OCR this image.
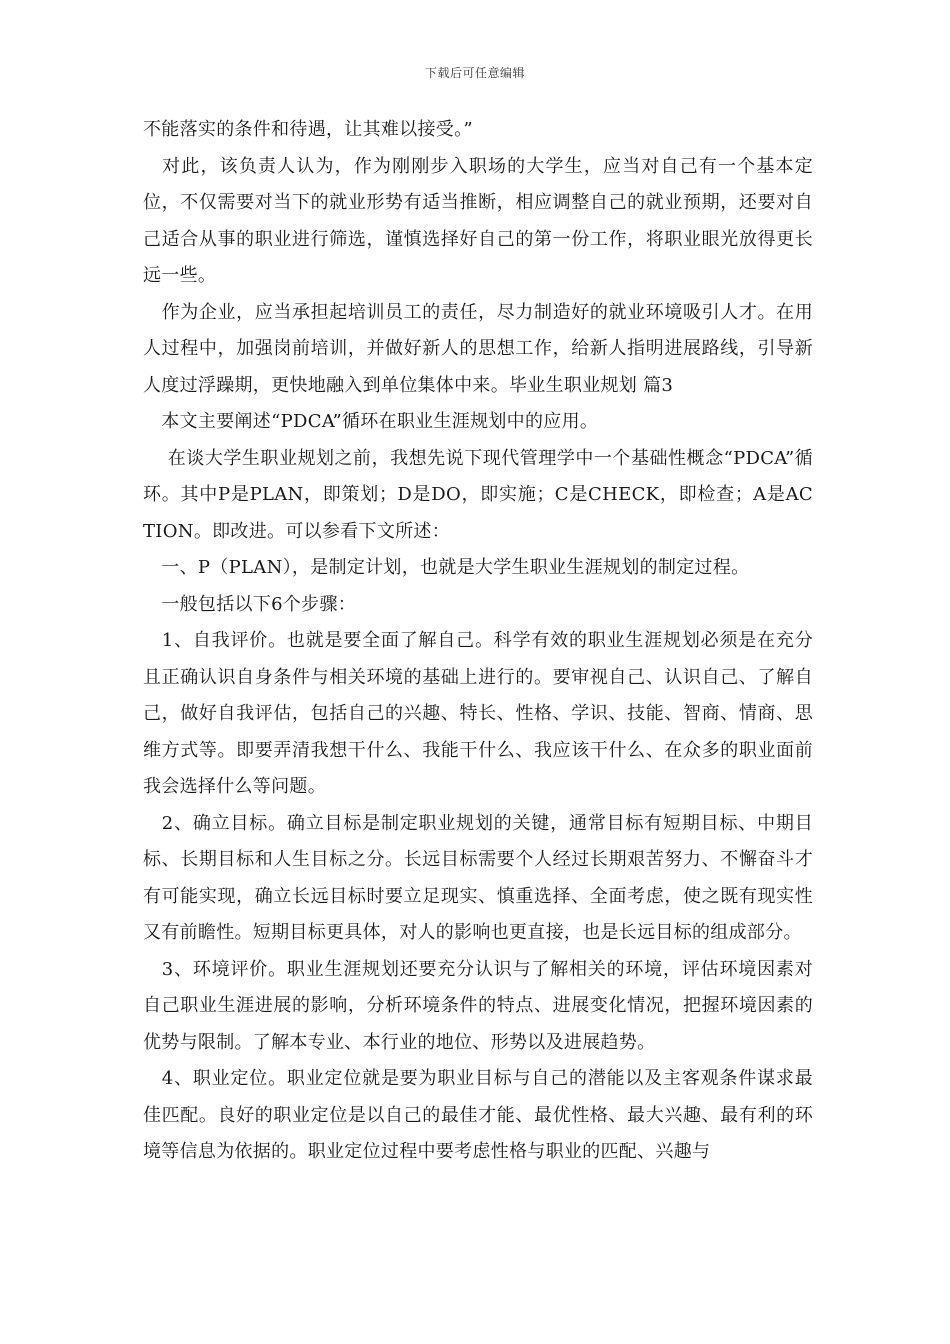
下载后可任意编辑

不能落实的条件和待遇，让其难以接受。”

　对此，该负责人认为，作为刚刚步入职场的大学生，应当对自己有一个基本定位，不仅需要对当下的就业形势有适当推断，相应调整自己的就业预期，还要对自己适合从事的职业进行筛选，谨慎选择好自己的第一份工作，将职业眼光放得更长远一些。

　作为企业，应当承担起培训员工的责任，尽力制造好的就业环境吸引人才。在用人过程中，加强岗前培训，并做好新人的思想工作，给新人指明进展路线，引导新人度过浮躁期，更快地融入到单位集体中来。毕业生职业规划 篇3

　本文主要阐述“PDCA”循环在职业生涯规划中的应用。

　 在谈大学生职业规划之前，我想先说下现代管理学中一个基础性概念“PDCA”循环。其中P是PLAN，即策划；D是DO，即实施；C是CHECK，即检查；A是ACTION。即改进。可以参看下文所述：

　一、P（PLAN），是制定计划，也就是大学生职业生涯规划的制定过程。

　一般包括以下6个步骤：

　1、自我评价。也就是要全面了解自己。科学有效的职业生涯规划必须是在充分且正确认识自身条件与相关环境的基础上进行的。要审视自己、认识自己、了解自己，做好自我评估，包括自己的兴趣、特长、性格、学识、技能、智商、情商、思维方式等。即要弄清我想干什么、我能干什么、我应该干什么、在众多的职业面前我会选择什么等问题。

　2、确立目标。确立目标是制定职业规划的关键，通常目标有短期目标、中期目标、长期目标和人生目标之分。长远目标需要个人经过长期艰苦努力、不懈奋斗才有可能实现，确立长远目标时要立足现实、慎重选择、全面考虑，使之既有现实性又有前瞻性。短期目标更具体，对人的影响也更直接，也是长远目标的组成部分。

　3、环境评价。职业生涯规划还要充分认识与了解相关的环境，评估环境因素对自己职业生涯进展的影响，分析环境条件的特点、进展变化情况，把握环境因素的优势与限制。了解本专业、本行业的地位、形势以及进展趋势。

　4、职业定位。职业定位就是要为职业目标与自己的潜能以及主客观条件谋求最佳匹配。良好的职业定位是以自己的最佳才能、最优性格、最大兴趣、最有利的环境等信息为依据的。职业定位过程中要考虑性格与职业的匹配、兴趣与
